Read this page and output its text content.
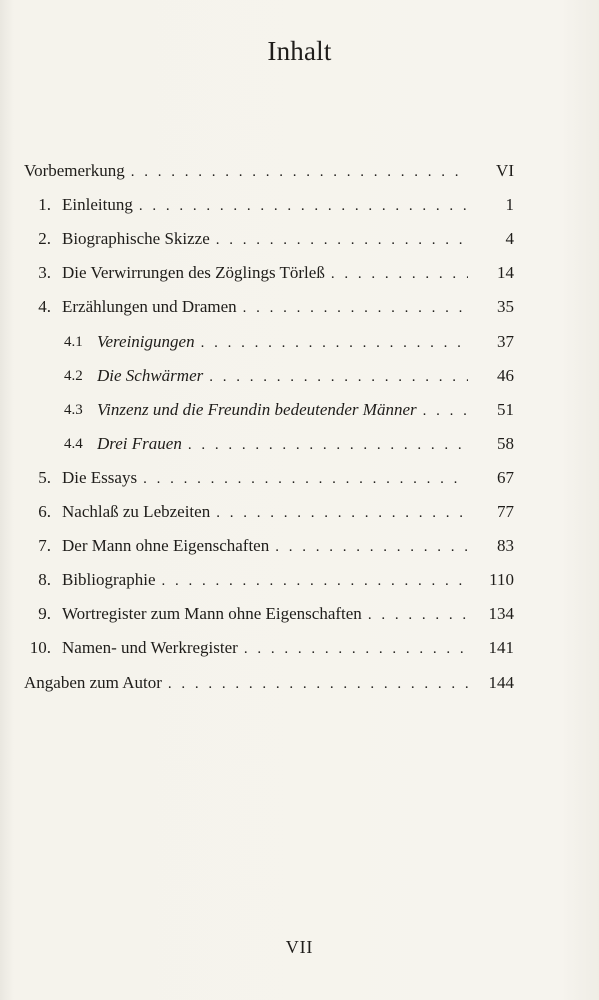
Inhalt
Vorbemerkung . . .	VI
1. Einleitung . . .	1
2. Biographische Skizze . . .	4
3. Die Verwirrungen des Zöglings Törleß . . .	14
4. Erzählungen und Dramen . . .	35
4.1 Vereinigungen . . .	37
4.2 Die Schwärmer . . .	46
4.3 Vinzenz und die Freundin bedeutender Männer . . .	51
4.4 Drei Frauen . . .	58
5. Die Essays . . .	67
6. Nachlaß zu Lebzeiten . . .	77
7. Der Mann ohne Eigenschaften . . .	83
8. Bibliographie . . .	110
9. Wortregister zum Mann ohne Eigenschaften . . .	134
10. Namen- und Werkregister . . .	141
Angaben zum Autor . . .	144
VII
